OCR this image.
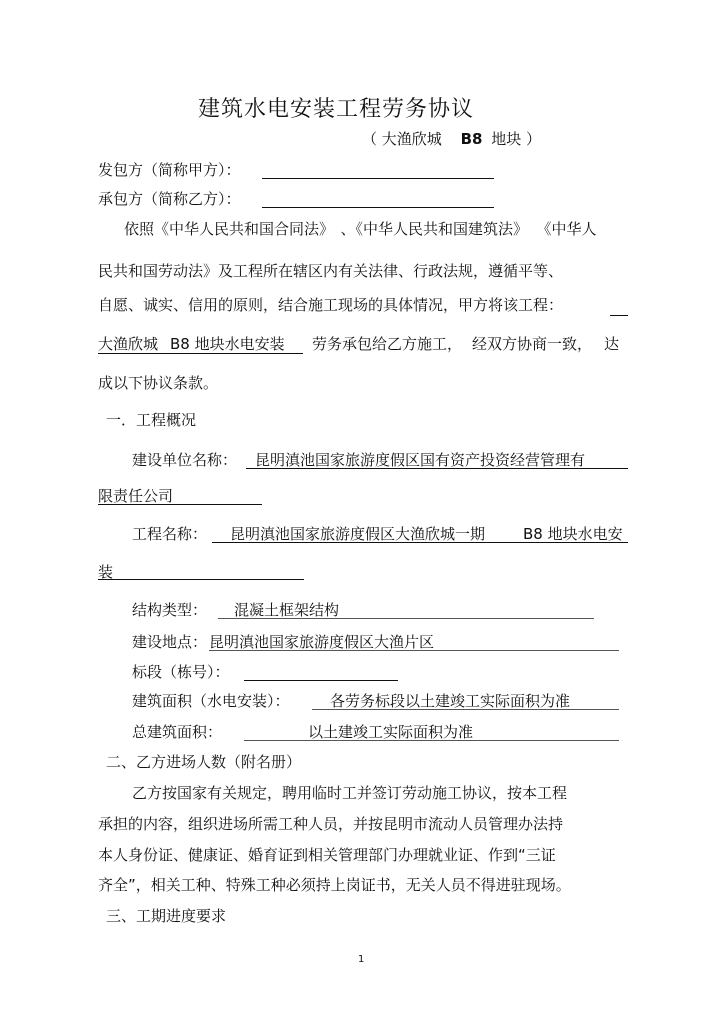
建筑水电安装工程劳务协议
（ 大渔欣城 B8 地块 ）
发包方（简称甲方）：
承包方（简称乙方）：
依照《中华人民共和国合同法》 、《中华人民共和国建筑法》 《中华人
民共和国劳动法》及工程所在辖区内有关法律、行政法规，遵循平等、
自愿、诚实、信用的原则，结合施工现场的具体情况，甲方将该工程：
大渔欣城 B8 地块水电安装 劳务承包给乙方施工， 经双方协商一致， 达
成以下协议条款。
一．工程概况
建设单位名称： 昆明滇池国家旅游度假区国有资产投资经营管理有
限责任公司
工程名称： 昆明滇池国家旅游度假区大渔欣城一期	B8 地块水电安
装
结构类型： 混凝土框架结构
建设地点： 昆明滇池国家旅游度假区大渔片区
标段（栋号）：
建筑面积（水电安装）：	各劳务标段以土建竣工实际面积为准
总建筑面积：	以土建竣工实际面积为准
二、乙方进场人数（附名册）
乙方按国家有关规定，聘用临时工并签订劳动施工协议，按本工程
承担的内容，组织进场所需工种人员，并按昆明市流动人员管理办法持
本人身份证、健康证、婚育证到相关管理部门办理就业证、作到“三证
齐全”，相关工种、特殊工种必须持上岗证书，无关人员不得进驻现场。
三、工期进度要求
1
